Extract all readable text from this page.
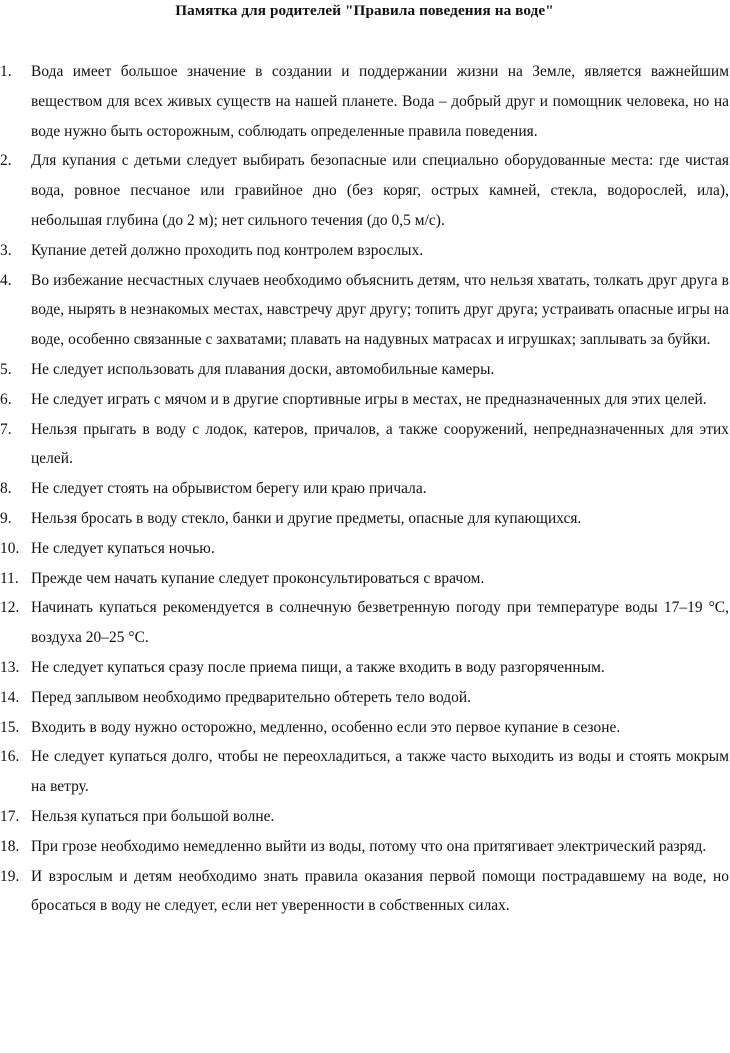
Памятка для родителей "Правила поведения на воде"
1. Вода имеет большое значение в создании и поддержании жизни на Земле, является важнейшим веществом для всех живых существ на нашей планете. Вода – добрый друг и помощник человека, но на воде нужно быть осторожным, соблюдать определенные правила поведения.
2. Для купания с детьми следует выбирать безопасные или специально оборудованные места: где чистая вода, ровное песчаное или гравийное дно (без коряг, острых камней, стекла, водорослей, ила), небольшая глубина (до 2 м); нет сильного течения (до 0,5 м/с).
3. Купание детей должно проходить под контролем взрослых.
4. Во избежание несчастных случаев необходимо объяснить детям, что нельзя хватать, толкать друг друга в воде, нырять в незнакомых местах, навстречу друг другу; топить друг друга; устраивать опасные игры на воде, особенно связанные с захватами; плавать на надувных матрасах и игрушках; заплывать за буйки.
5. Не следует использовать для плавания доски, автомобильные камеры.
6. Не следует играть с мячом и в другие спортивные игры в местах, не предназначенных для этих целей.
7. Нельзя прыгать в воду с лодок, катеров, причалов, а также сооружений, непредназначенных для этих целей.
8. Не следует стоять на обрывистом берегу или краю причала.
9. Нельзя бросать в воду стекло, банки и другие предметы, опасные для купающихся.
10. Не следует купаться ночью.
11. Прежде чем начать купание следует проконсультироваться с врачом.
12. Начинать купаться рекомендуется в солнечную безветренную погоду при температуре воды 17–19 °С, воздуха 20–25 °С.
13. Не следует купаться сразу после приема пищи, а также входить в воду разгоряченным.
14. Перед заплывом необходимо предварительно обтереть тело водой.
15. Входить в воду нужно осторожно, медленно, особенно если это первое купание в сезоне.
16. Не следует купаться долго, чтобы не переохладиться, а также часто выходить из воды и стоять мокрым на ветру.
17. Нельзя купаться при большой волне.
18. При грозе необходимо немедленно выйти из воды, потому что она притягивает электрический разряд.
19. И взрослым и детям необходимо знать правила оказания первой помощи пострадавшему на воде, но бросаться в воду не следует, если нет уверенности в собственных силах.
